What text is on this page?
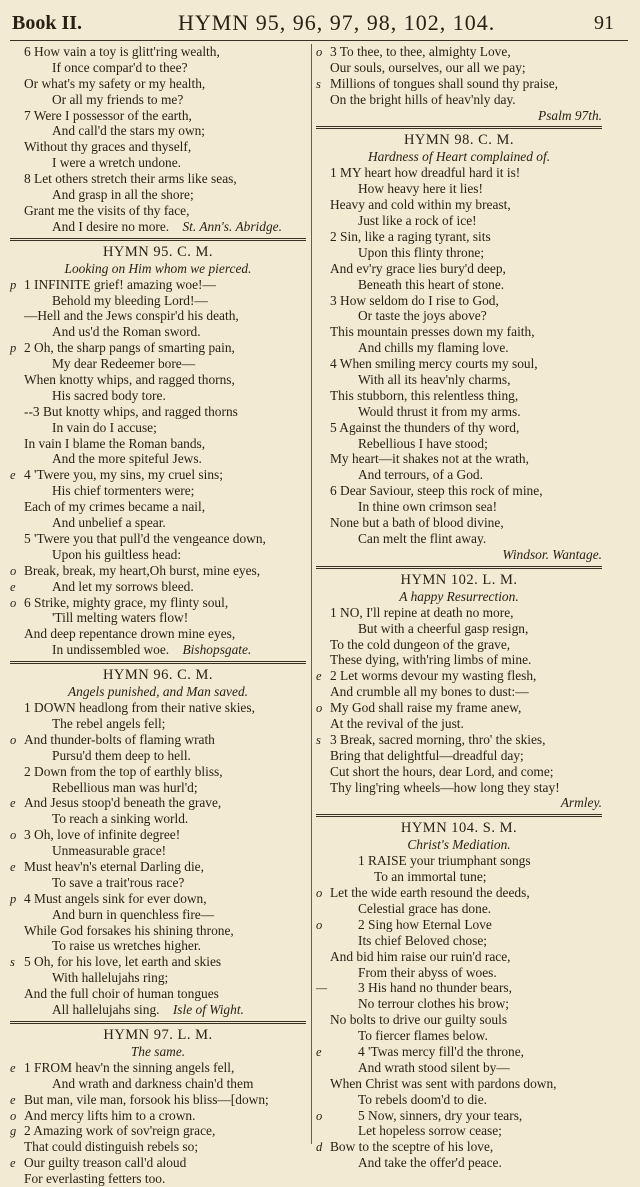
Book II.	HYMN 95, 96, 97, 98, 102, 104.	91
6 How vain a toy is glitt'ring wealth,
If once compar'd to thee?
Or what's my safety or my health,
Or all my friends to me?
7 Were I possessor of the earth,
And call'd the stars my own;
Without thy graces and thyself,
I were a wretch undone.
8 Let others stretch their arms like seas,
And grasp in all the shore;
Grant me the visits of thy face,
And I desire no more. St. Ann's. Abridge.
HYMN 95. C. M.
Looking on Him whom we pierced.
p 1 INFINITE grief! amazing woe!—
Behold my bleeding Lord!—
—Hell and the Jews conspir'd his death,
And us'd the Roman sword.
p 2 Oh, the sharp pangs of smarting pain,
My dear Redeemer bore—
When knotty whips, and ragged thorns,
His sacred body tore.
--3 But knotty whips, and ragged thorns
In vain do I accuse;
In vain I blame the Roman bands,
And the more spiteful Jews.
e 4 'Twere you, my sins, my cruel sins;
His chief tormenters were;
Each of my crimes became a nail,
And unbelief a spear.
5 'Twere you that pull'd the vengeance down,
Upon his guiltless head:
o Break, break, my heart,Oh burst, mine eyes,
e	And let my sorrows bleed.
o 6 Strike, mighty grace, my flinty soul,
'Till melting waters flow!
And deep repentance drown mine eyes,
In undissembled woe. Bishopsgate.
HYMN 96. C. M.
Angels punished, and Man saved.
1 DOWN headlong from their native skies,
The rebel angels fell;
o And thunder-bolts of flaming wrath
Pursu'd them deep to hell.
2 Down from the top of earthly bliss,
Rebellious man was hurl'd;
e And Jesus stoop'd beneath the grave,
To reach a sinking world.
o 3 Oh, love of infinite degree!
Unmeasurable grace!
e Must heav'n's eternal Darling die,
To save a trait'rous race?
p 4 Must angels sink for ever down,
And burn in quenchless fire—
While God forsakes his shining throne,
To raise us wretches higher.
s 5 Oh, for his love, let earth and skies
With hallelujahs ring;
And the full choir of human tongues
All hallelujahs sing. Isle of Wight.
HYMN 97. L. M.
The same.
e 1 FROM heav'n the sinning angels fell,
And wrath and darkness chain'd them
e But man, vile man, forsook his bliss—[down;
o And mercy lifts him to a crown.
g 2 Amazing work of sov'reign grace,
That could distinguish rebels so;
e Our guilty treason call'd aloud
For everlasting fetters too.
o 3 To thee, to thee, almighty Love,
Our souls, ourselves, our all we pay;
s Millions of tongues shall sound thy praise,
On the bright hills of heav'nly day.
Psalm 97th.
HYMN 98. C. M.
Hardness of Heart complained of.
1 MY heart how dreadful hard it is!
How heavy here it lies!
Heavy and cold within my breast,
Just like a rock of ice!
2 Sin, like a raging tyrant, sits
Upon this flinty throne;
And ev'ry grace lies bury'd deep,
Beneath this heart of stone.
3 How seldom do I rise to God,
Or taste the joys above?
This mountain presses down my faith,
And chills my flaming love.
4 When smiling mercy courts my soul,
With all its heav'nly charms,
This stubborn, this relentless thing,
Would thrust it from my arms.
5 Against the thunders of thy word,
Rebellious I have stood;
My heart—it shakes not at the wrath,
And terrours, of a God.
6 Dear Saviour, steep this rock of mine,
In thine own crimson sea!
None but a bath of blood divine,
Can melt the flint away.
Windsor. Wantage.
HYMN 102. L. M.
A happy Resurrection.
1 NO, I'll repine at death no more,
But with a cheerful gasp resign,
To the cold dungeon of the grave,
These dying, with'ring limbs of mine.
e 2 Let worms devour my wasting flesh,
And crumble all my bones to dust:—
o My God shall raise my frame anew,
At the revival of the just.
s 3 Break, sacred morning, thro' the skies,
Bring that delightful—dreadful day;
Cut short the hours, dear Lord, and come;
Thy ling'ring wheels—how long they stay!
Armley.
HYMN 104. S. M.
Christ's Mediation.
1 RAISE your triumphant songs
To an immortal tune;
o Let the wide earth resound the deeds,
Celestial grace has done.
o	2 Sing how Eternal Love
Its chief Beloved chose;
And bid him raise our ruin'd race,
From their abyss of woes.
— 3 His hand no thunder bears,
No terrour clothes his brow;
No bolts to drive our guilty souls
To fiercer flames below.
e	4 'Twas mercy fill'd the throne,
And wrath stood silent by—
When Christ was sent with pardons down,
To rebels doom'd to die.
o	5 Now, sinners, dry your tears,
Let hopeless sorrow cease;
d Bow to the sceptre of his love,
And take the offer'd peace.
